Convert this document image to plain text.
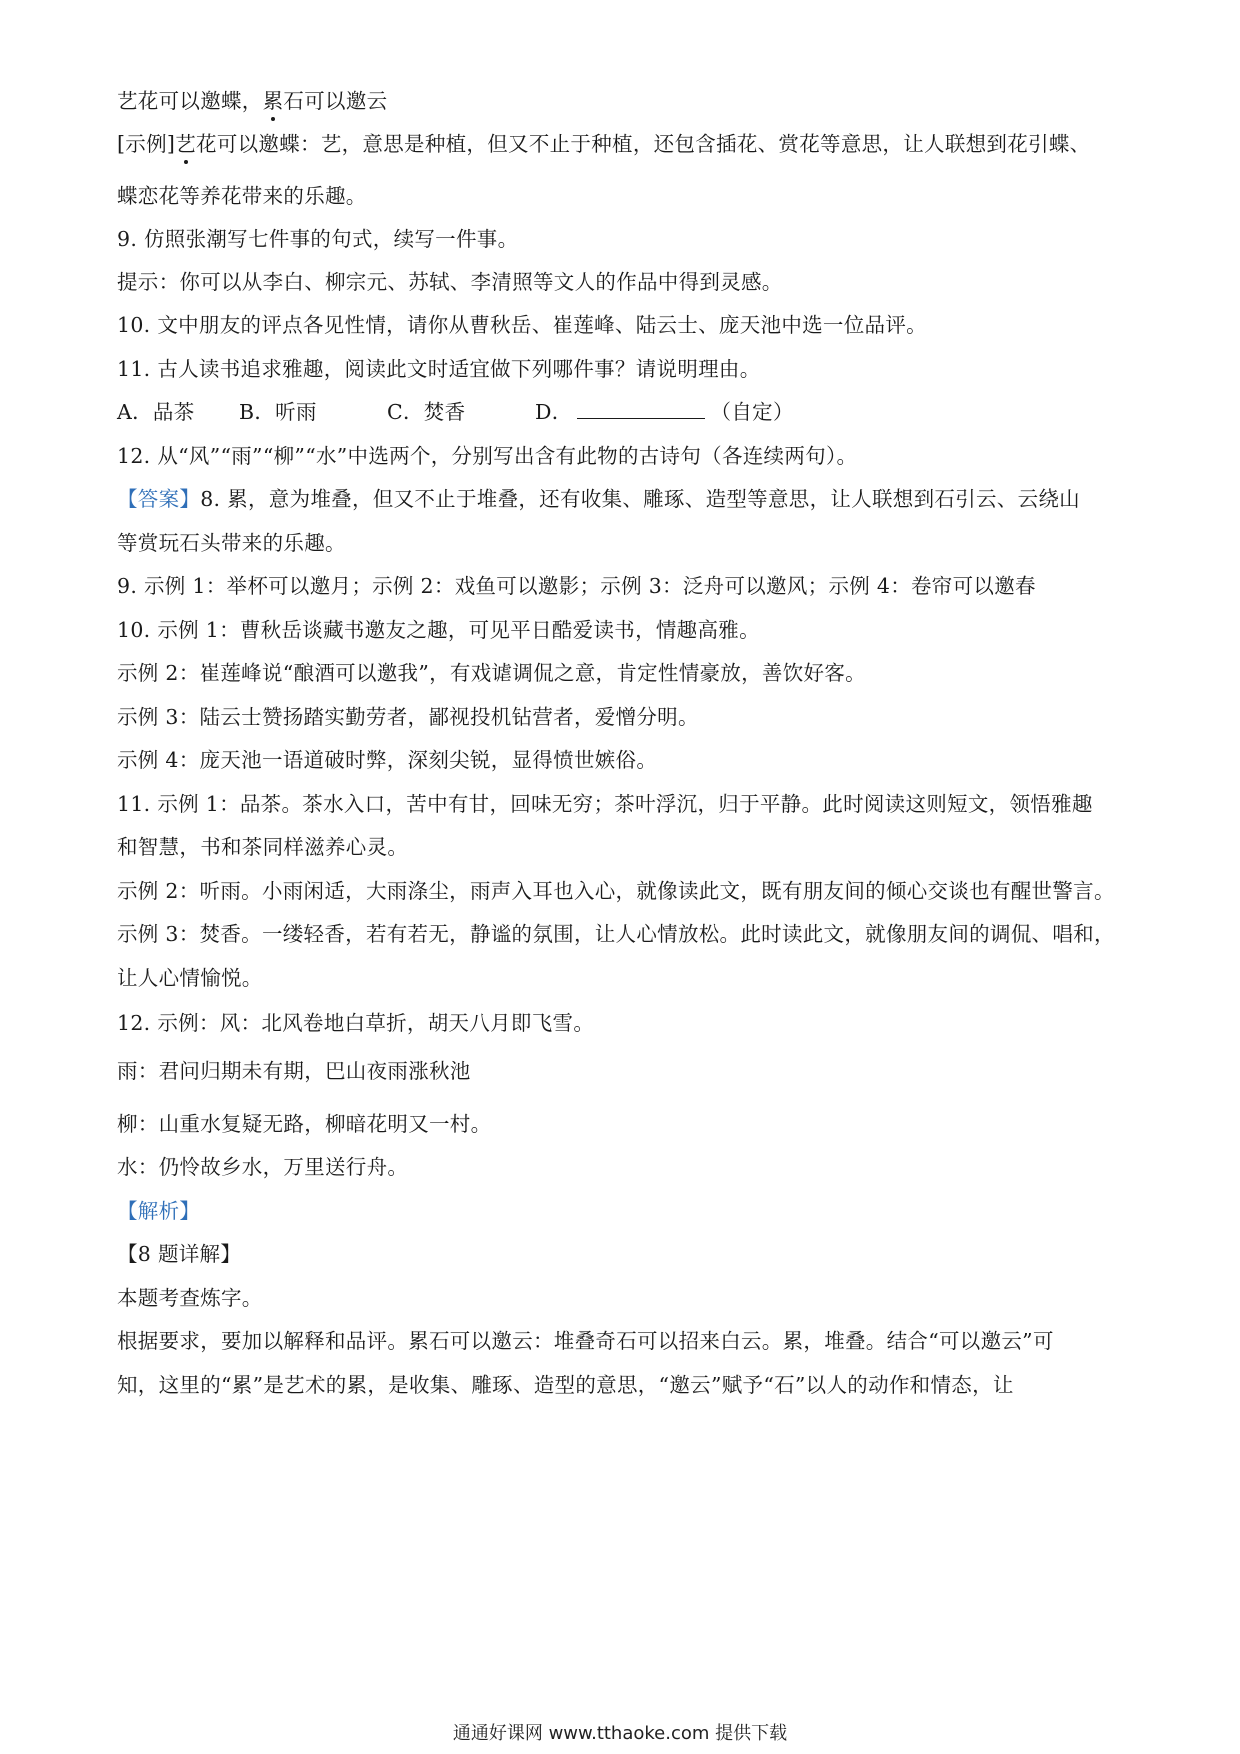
艺花可以邀蝶，累石可以邀云
[示例]艺花可以邀蝶：艺，意思是种植，但又不止于种植，还包含插花、赏花等意思，让人联想到花引蝶、
蝶恋花等养花带来的乐趣。
9. 仿照张潮写七件事的句式，续写一件事。
提示：你可以从李白、柳宗元、苏轼、李清照等文人的作品中得到灵感。
10. 文中朋友的评点各见性情，请你从曹秋岳、崔莲峰、陆云士、庞天池中选一位品评。
11. 古人读书追求雅趣，阅读此文时适宜做下列哪件事？请说明理由。
A．品茶 B．听雨	C．焚香	D．	（自定）
12. 从“风”“雨”“柳”“水”中选两个，分别写出含有此物的古诗句（各连续两句）。
【答案】8. 累，意为堆叠，但又不止于堆叠，还有收集、雕琢、造型等意思，让人联想到石引云、云绕山
等赏玩石头带来的乐趣。
9. 示例 1：举杯可以邀月；示例 2：戏鱼可以邀影；示例 3：泛舟可以邀风；示例 4：卷帘可以邀春
10. 示例 1：曹秋岳谈藏书邀友之趣，可见平日酷爱读书，情趣高雅。
示例 2：崔莲峰说“酿酒可以邀我”，有戏谑调侃之意，肯定性情豪放，善饮好客。
示例 3：陆云士赞扬踏实勤劳者，鄙视投机钻营者，爱憎分明。
示例 4：庞天池一语道破时弊，深刻尖锐，显得愤世嫉俗。
11. 示例 1：品茶。茶水入口，苦中有甘，回味无穷；茶叶浮沉，归于平静。此时阅读这则短文，领悟雅趣
和智慧，书和茶同样滋养心灵。
示例 2：听雨。小雨闲适，大雨涤尘，雨声入耳也入心，就像读此文，既有朋友间的倾心交谈也有醒世警言。
示例 3：焚香。一缕轻香，若有若无，静谧的氛围，让人心情放松。此时读此文，就像朋友间的调侃、唱和，
让人心情愉悦。
12. 示例：风：北风卷地白草折，胡天八月即飞雪。
雨：君问归期未有期，巴山夜雨涨秋池
柳：山重水复疑无路，柳暗花明又一村。
水：仍怜故乡水，万里送行舟。
【解析】
【8 题详解】
本题考查炼字。
根据要求，要加以解释和品评。累石可以邀云：堆叠奇石可以招来白云。累，堆叠。结合“可以邀云”可
知，这里的“累”是艺术的累，是收集、雕琢、造型的意思，“邀云”赋予“石”以人的动作和情态，让
通通好课网 www.tthaoke.com 提供下载
